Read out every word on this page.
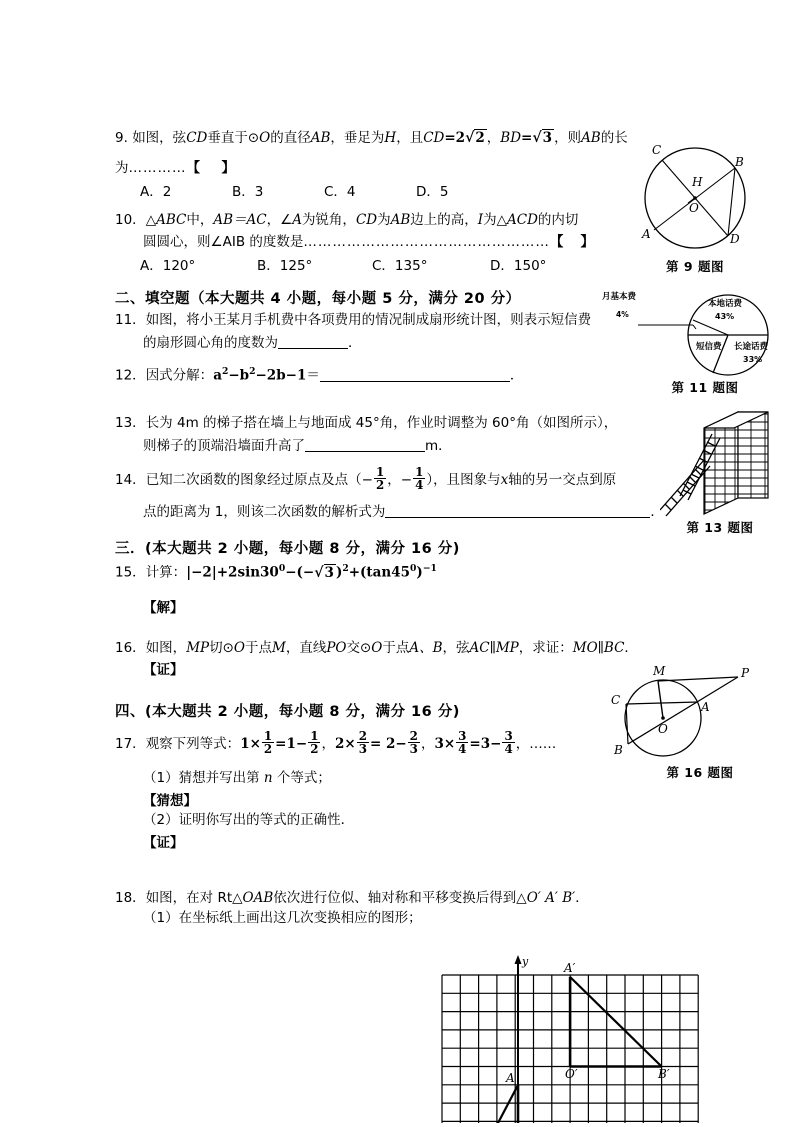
9. 如图，弦CD垂直于⊙O的直径AB，垂足为H，且CD=2√2 ，BD=√3 ，则AB的长
为…………【 】
A．2	B．3	C．4	D．5
10．△ABC中，AB＝AC，∠A为锐角，CD为AB边上的高，I为△ACD的内切
圆圆心，则∠AIB 的度数是……………………………………………【 】
A．120°	B．125°	C．135°	D．150°
二、填空题（本大题共 4 小题，每小题 5 分，满分 20 分）
11．如图，将小王某月手机费中各项费用的情况制成扇形统计图，则表示短信费
的扇形圆心角的度数为	．
12．因式分解：$a^2-b^2-2b-1=$	．
13．长为 4m 的梯子搭在墙上与地面成 45°角，作业时调整为 60°角（如图所示），
则梯子的顶端沿墙面升高了	m．
14．已知二次函数的图象经过原点及点（− $\frac{1}{2}$ ，− $\frac{1}{4}$ ），且图象与x轴的另一交点到原
点的距离为 1，则该二次函数的解析式为	．
三．(本大题共 2 小题，每小题 8 分，满分 16 分)
15．计算：$|-2|+2\sin 30^0-(-√3$ )$^2+(\tan 45^0)^{-1}$
【解】
16．如图，MP切⊙O于点M，直线PO交⊙O于点A、B，弦AC∥MP，求证：MO∥BC．
【证】
四、(本大题共 2 小题，每小题 8 分，满分 16 分)
17．观察下列等式：$1\times \frac{1}{2} =1- \frac{1}{2}$ ，$2\times \frac{2}{3} = 2- \frac{2}{3}$ ，$3\times \frac{3}{4} =3- \frac{3}{4}$ ，……
（1）猜想并写出第 n 个等式；
【猜想】
（2）证明你写出的等式的正确性．
【证】
18．如图，在对 Rt△OAB依次进行位似、轴对称和平移变换后得到△O′ A′ B′．
（1）在坐标纸上画出这几次变换相应的图形；
C
B
H
O
A	D
第 9 题图
月基本费
4%
本地话费
43%
短信费 长途话费
33%
第 11 题图
第 13 题图
M	P
C	A
O
B
第 16 题图
y	A′
O′	B′
A
